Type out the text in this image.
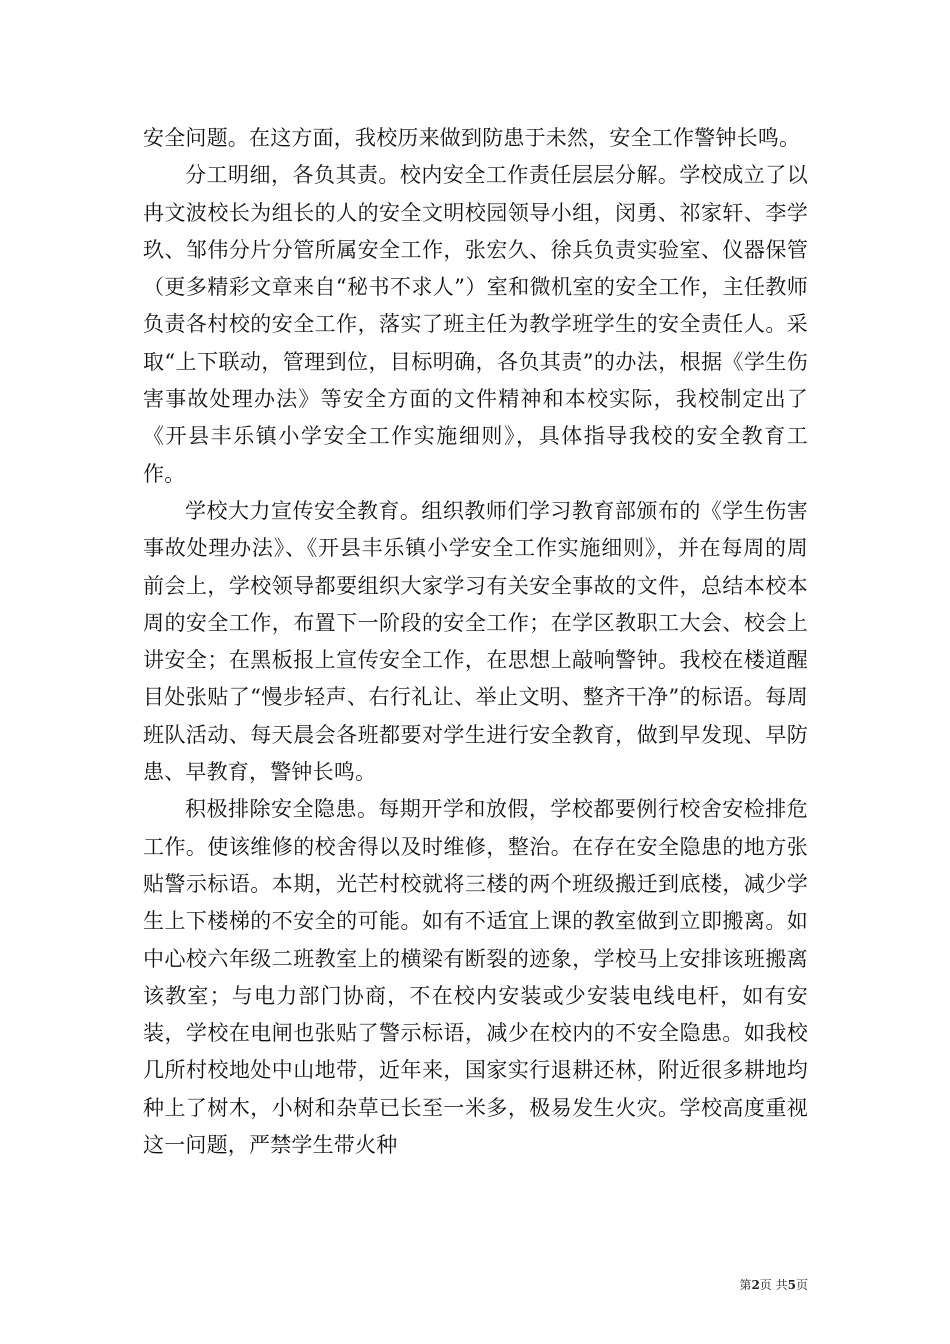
安全问题。在这方面，我校历来做到防患于未然，安全工作警钟长鸣。

分工明细，各负其责。校内安全工作责任层层分解。学校成立了以冉文波校长为组长的人的安全文明校园领导小组，闵勇、祁家轩、李学玖、邹伟分片分管所属安全工作，张宏久、徐兵负责实验室、仪器保管（更多精彩文章来自“秘书不求人”）室和微机室的安全工作，主任教师负责各村校的安全工作，落实了班主任为教学班学生的安全责任人。采取“上下联动，管理到位，目标明确，各负其责”的办法，根据《学生伤害事故处理办法》等安全方面的文件精神和本校实际，我校制定出了《开县丰乐镇小学安全工作实施细则》，具体指导我校的安全教育工作。

学校大力宣传安全教育。组织教师们学习教育部颁布的《学生伤害事故处理办法》、《开县丰乐镇小学安全工作实施细则》，并在每周的周前会上，学校领导都要组织大家学习有关安全事故的文件，总结本校本周的安全工作，布置下一阶段的安全工作；在学区教职工大会、校会上讲安全；在黑板报上宣传安全工作，在思想上敲响警钟。我校在楼道醒目处张贴了“慢步轻声、右行礼让、举止文明、整齐干净”的标语。每周班队活动、每天晨会各班都要对学生进行安全教育，做到早发现、早防患、早教育，警钟长鸣。

积极排除安全隐患。每期开学和放假，学校都要例行校舍安检排危工作。使该维修的校舍得以及时维修，整治。在存在安全隐患的地方张贴警示标语。本期，光芒村校就将三楼的两个班级搬迁到底楼，减少学生上下楼梯的不安全的可能。如有不适宜上课的教室做到立即搬离。如中心校六年级二班教室上的横梁有断裂的迹象，学校马上安排该班搬离该教室；与电力部门协商，不在校内安装或少安装电线电杆，如有安装，学校在电闸也张贴了警示标语，减少在校内的不安全隐患。如我校几所村校地处中山地带，近年来，国家实行退耕还林，附近很多耕地均种上了树木，小树和杂草已长至一米多，极易发生火灾。学校高度重视这一问题，严禁学生带火种

第2页 共5页
